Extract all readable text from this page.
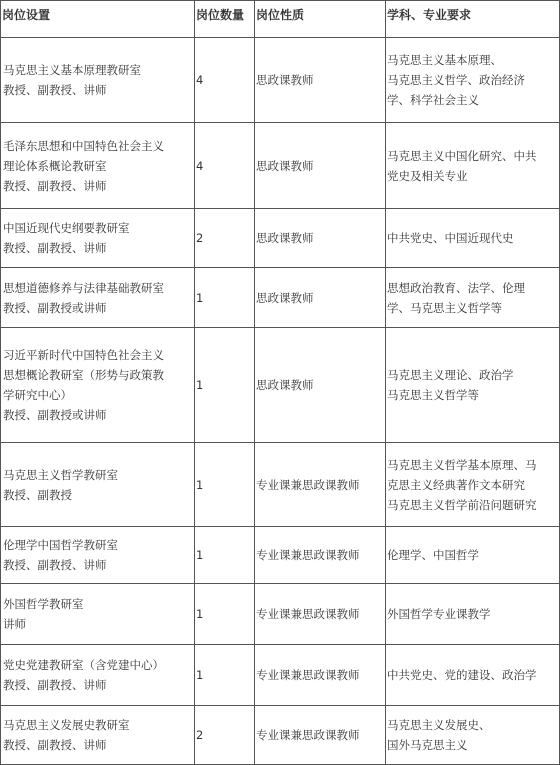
岗位设置	岗位数量	岗位性质	学科、专业要求

马克思主义基本原理教研室
教授、副教授、讲师	4	思政课教师	马克思主义基本原理、
马克思主义哲学、政治经济
学、科学社会主义

毛泽东思想和中国特色社会主义
理论体系概论教研室
教授、副教授、讲师	4	思政课教师	马克思主义中国化研究、中共
党史及相关专业

中国近现代史纲要教研室
教授、副教授、讲师	2	思政课教师	中共党史、中国近现代史

思想道德修养与法律基础教研室
教授、副教授或讲师	1	思政课教师	思想政治教育、法学、伦理
学、马克思主义哲学等

习近平新时代中国特色社会主义
思想概论教研室（形势与政策教
学研究中心）
教授、副教授或讲师	1	思政课教师	马克思主义理论、政治学
马克思主义哲学等

马克思主义哲学教研室
教授、副教授	1	专业课兼思政课教师	马克思主义哲学基本原理、马
克思主义经典著作文本研究
马克思主义哲学前沿问题研究

伦理学中国哲学教研室
教授、副教授、讲师	1	专业课兼思政课教师	伦理学、中国哲学

外国哲学教研室
讲师	1	专业课兼思政课教师	外国哲学专业课教学

党史党建教研室（含党建中心）
教授、副教授、讲师	1	专业课兼思政课教师	中共党史、党的建设、政治学

马克思主义发展史教研室
教授、副教授、讲师	2	专业课兼思政课教师	马克思主义发展史、
国外马克思主义
